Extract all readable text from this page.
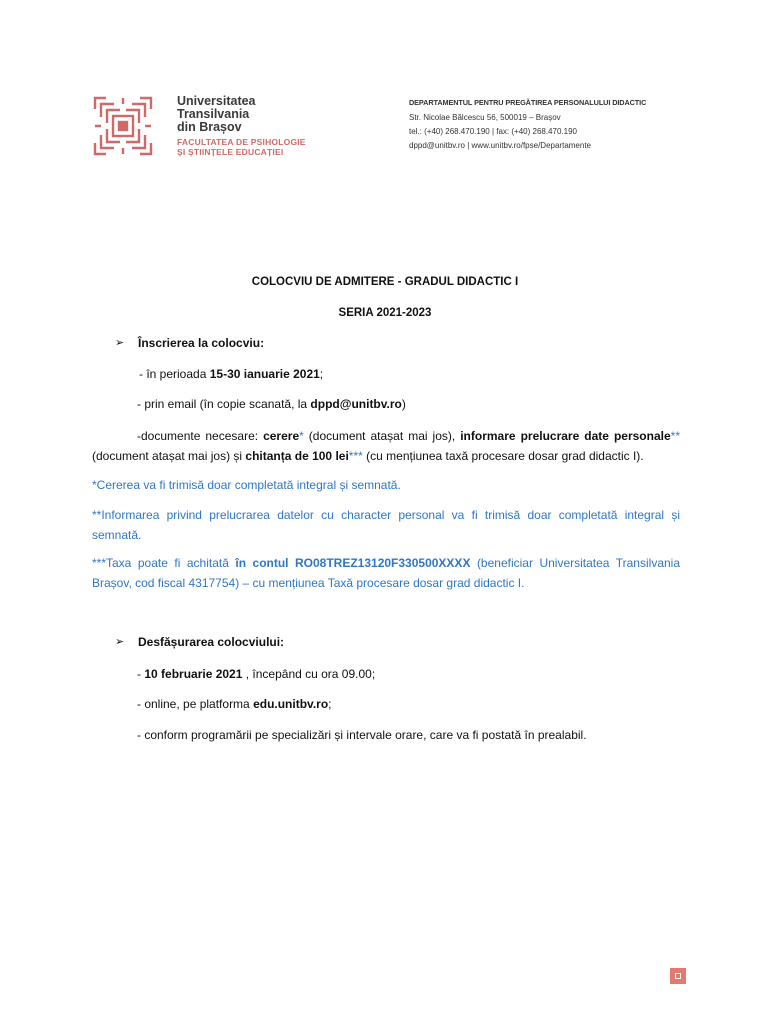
Universitatea
Transilvania
din Brașov
FACULTATEA DE PSIHOLOGIE
ȘI ȘTIINȚELE EDUCAȚIEI
DEPARTAMENTUL PENTRU PREGĂTIREA PERSONALULUI DIDACTIC
Str. Nicolae Bălcescu 56, 500019 – Brașov
tel.: (+40) 268.470.190 | fax: (+40) 268.470.190
dppd@unitbv.ro | www.unitbv.ro/fpse/Departamente
COLOCVIU DE ADMITERE - GRADUL DIDACTIC I
SERIA 2021-2023
➢ Înscrierea la colocviu:
- în perioada 15-30 ianuarie 2021;
- prin email (în copie scanată, la dppd@unitbv.ro)
-documente necesare: cerere* (document atașat mai jos), informare prelucrare date personale** (document atașat mai jos) și chitanța de 100 lei*** (cu mențiunea taxă procesare dosar grad didactic I).
*Cererea va fi trimisă doar completată integral și semnată.
**Informarea privind prelucrarea datelor cu character personal va fi trimisă doar completată integral și semnată.
***Taxa poate fi achitată în contul RO08TREZ13120F330500XXXX (beneficiar Universitatea Transilvania Brașov, cod fiscal 4317754) – cu mențiunea Taxă procesare dosar grad didactic I.
➢ Desfășurarea colocviului:
- 10 februarie 2021 , începând cu ora 09.00;
- online, pe platforma edu.unitbv.ro;
- conform programării pe specializări și intervale orare, care va fi postată în prealabil.
